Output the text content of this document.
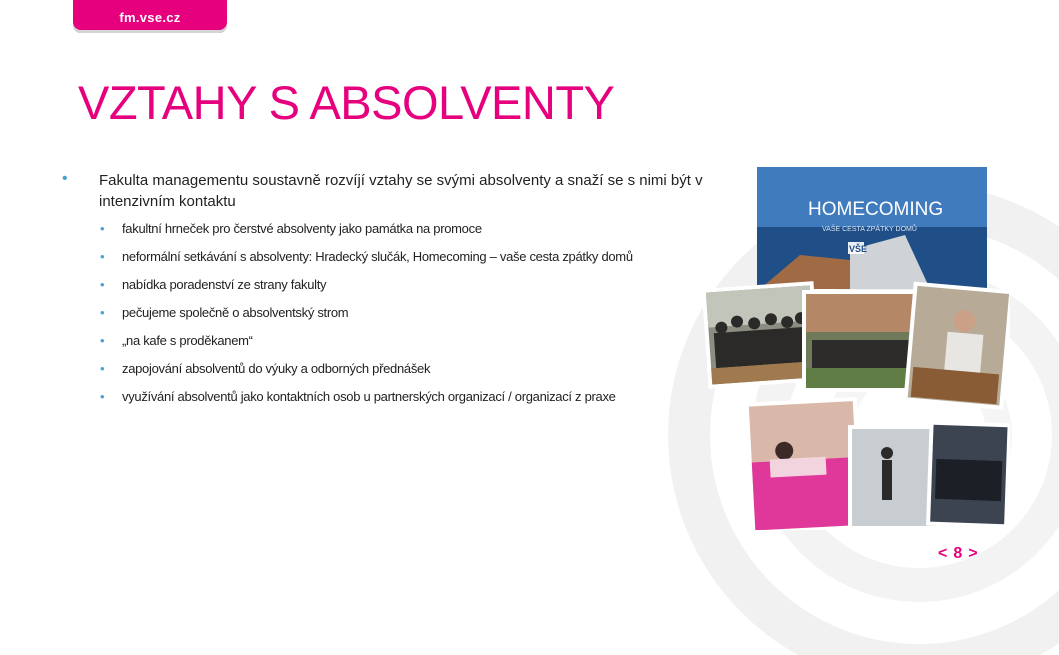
fm.vse.cz
VZTAHY S ABSOLVENTY
• Fakulta managementu soustavně rozvíjí vztahy se svými absolventy a snaží se s nimi být v intenzivním kontaktu

• fakultní hrneček pro čerstvé absolventy jako památka na promoce
• neformální setkávání s absolventy: Hradecký slučák, Homecoming – vaše cesta zpátky domů
• nabídka poradenství ze strany fakulty
• pečujeme společně o absolventský strom
• „na kafe s proděkanem“
• zapojování absolventů do výuky a odborných přednášek
• využívání absolventů jako kontaktních osob u partnerských organizací / organizací z praxe
HOMECOMING
VAŠE CESTA ZPÁTKY DOMŮ
VŠE
<8>
